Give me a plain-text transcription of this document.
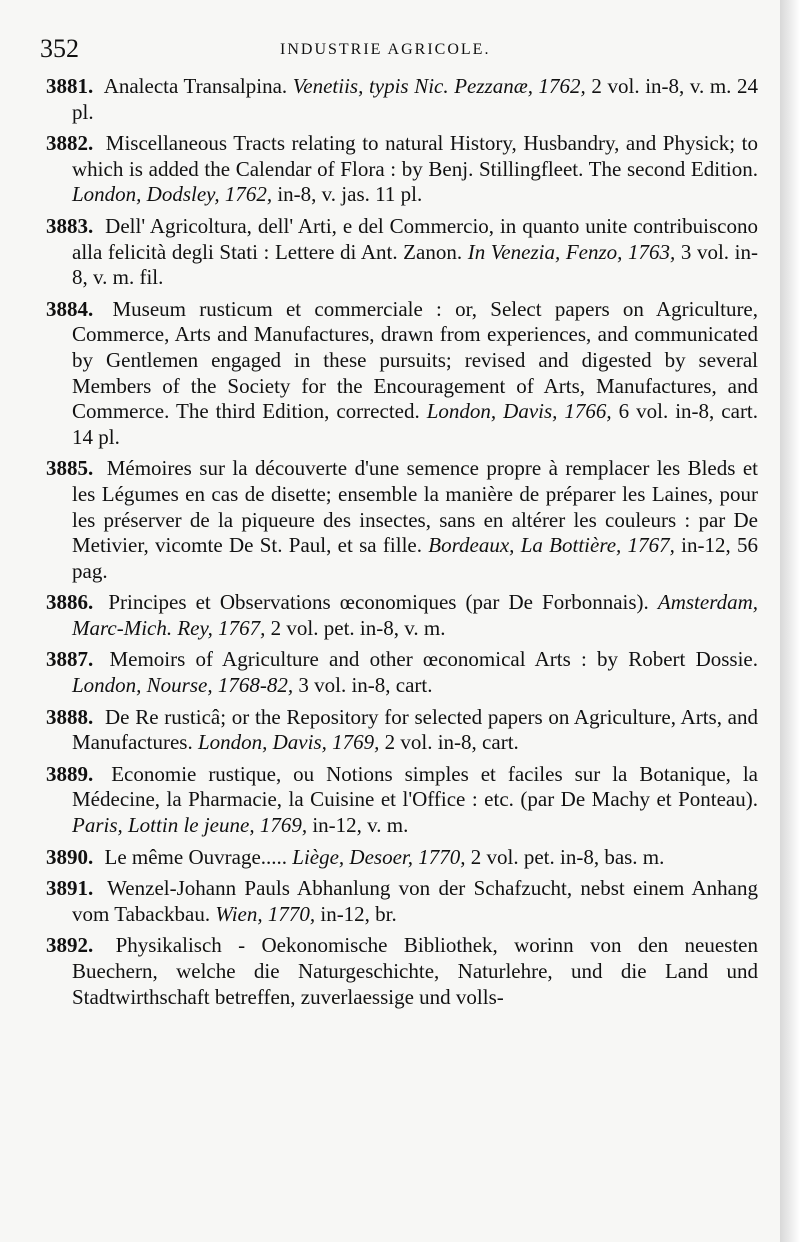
352	INDUSTRIE AGRICOLE.

3881. Analecta Transalpina. Venetiis, typis Nic. Pezzanæ, 1762, 2 vol. in-8, v. m. 24 pl.

3882. Miscellaneous Tracts relating to natural History, Husbandry, and Physick; to which is added the Calendar of Flora : by Benj. Stillingfleet. The second Edition. London, Dodsley, 1762, in-8, v. jas. 11 pl.

3883. Dell' Agricoltura, dell' Arti, e del Commercio, in quanto unite contribuiscono alla felicità degli Stati : Lettere di Ant. Zanon. In Venezia, Fenzo, 1763, 3 vol. in-8, v. m. fil.

3884. Museum rusticum et commerciale : or, Select papers on Agriculture, Commerce, Arts and Manufactures, drawn from experiences, and communicated by Gentlemen engaged in these pursuits; revised and digested by several Members of the Society for the Encouragement of Arts, Manufactures, and Commerce. The third Edition, corrected. London, Davis, 1766, 6 vol. in-8, cart. 14 pl.

3885. Mémoires sur la découverte d'une semence propre à remplacer les Bleds et les Légumes en cas de disette; ensemble la manière de préparer les Laines, pour les préserver de la piqueure des insectes, sans en altérer les couleurs : par De Metivier, vicomte De St. Paul, et sa fille. Bordeaux, La Bottière, 1767, in-12, 56 pag.

3886. Principes et Observations œconomiques (par De Forbonnais). Amsterdam, Marc-Mich. Rey, 1767, 2 vol. pet. in-8, v. m.

3887. Memoirs of Agriculture and other œconomical Arts : by Robert Dossie. London, Nourse, 1768-82, 3 vol. in-8, cart.

3888. De Re rusticâ; or the Repository for selected papers on Agriculture, Arts, and Manufactures. London, Davis, 1769, 2 vol. in-8, cart.

3889. Economie rustique, ou Notions simples et faciles sur la Botanique, la Médecine, la Pharmacie, la Cuisine et l'Office : etc. (par De Machy et Ponteau). Paris, Lottin le jeune, 1769, in-12, v. m.

3890. Le même Ouvrage..... Liège, Desoer, 1770, 2 vol. pet. in-8, bas. m.

3891. Wenzel-Johann Pauls Abhanlung von der Schafzucht, nebst einem Anhang vom Tabackbau. Wien, 1770, in-12, br.

3892. Physikalisch - Oekonomische Bibliothek, worinn von den neuesten Buechern, welche die Naturgeschichte, Naturlehre, und die Land und Stadtwirthschaft betreffen, zuverlaessige und volls-
